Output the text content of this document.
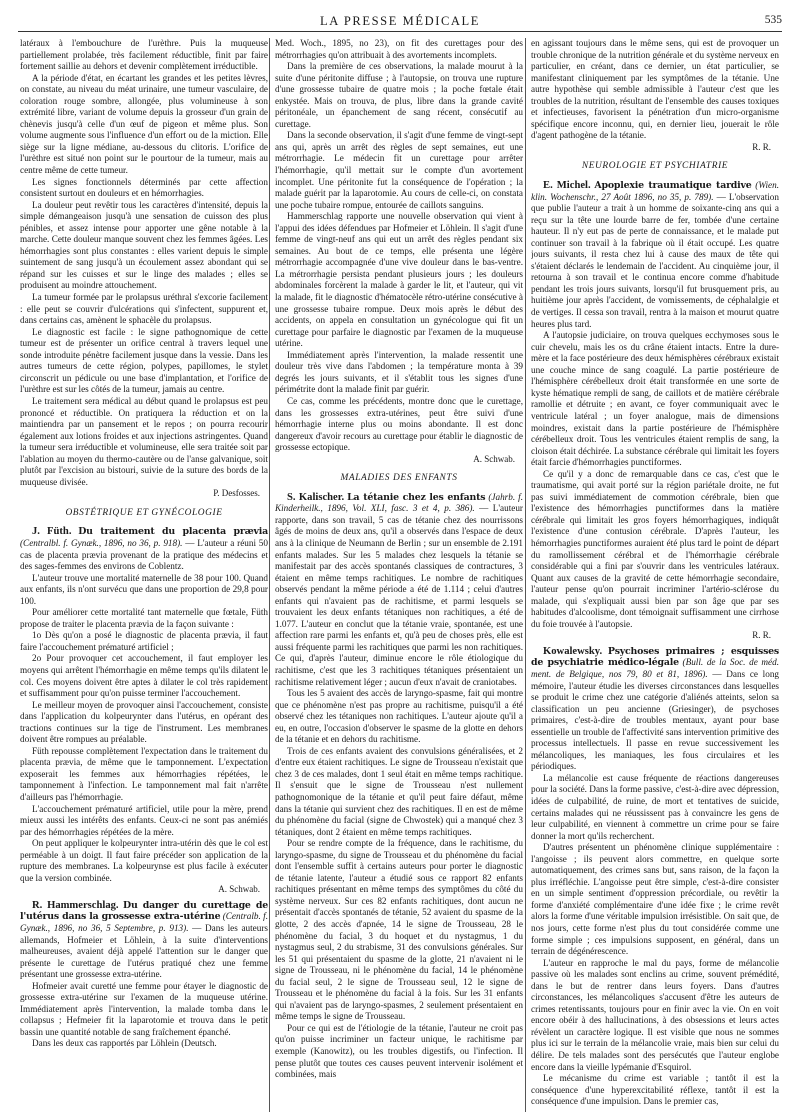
LA PRESSE MÉDICALE	535

latéraux à l'embouchure de l'urèthre. Puis la muqueuse partiellement prolabée, très facilement réductible, finit par faire fortement saillie au dehors et devenir complètement irréductible.

A la période d'état, en écartant les grandes et les petites lèvres, on constate, au niveau du méat urinaire, une tumeur vasculaire, de coloration rouge sombre, allongée, plus volumineuse à son extrémité libre, variant de volume depuis la grosseur d'un grain de chènevis jusqu'à celle d'un œuf de pigeon et même plus. Son volume augmente sous l'influence d'un effort ou de la miction. Elle siège sur la ligne médiane, au-dessous du clitoris. L'orifice de l'urèthre est situé non point sur le pourtour de la tumeur, mais au centre même de cette tumeur.

Les signes fonctionnels déterminés par cette affection consistent surtout en douleurs et en hémorrhagies.

La douleur peut revêtir tous les caractères d'intensité, depuis la simple démangeaison jusqu'à une sensation de cuisson des plus pénibles, et assez intense pour apporter une gêne notable à la marche. Cette douleur manque souvent chez les femmes âgées. Les hémorrhagies sont plus constantes : elles varient depuis le simple suintement de sang jusqu'à un écoulement assez abondant qui se répand sur les cuisses et sur le linge des malades ; elles se produisent au moindre attouchement.

La tumeur formée par le prolapsus uréthral s'excorie facilement : elle peut se couvrir d'ulcérations qui s'infectent, suppurent et, dans certains cas, amènent le sphacèle du prolapsus.

Le diagnostic est facile : le signe pathognomique de cette tumeur est de présenter un orifice central à travers lequel une sonde introduite pénètre facilement jusque dans la vessie. Dans les autres tumeurs de cette région, polypes, papillomes, le stylet circonscrit un pédicule ou une base d'implantation, et l'orifice de l'urèthre est sur les côtés de la tumeur, jamais au centre.

Le traitement sera médical au début quand le prolapsus est peu prononcé et réductible. On pratiquera la réduction et on la maintiendra par un pansement et le repos ; on pourra recourir également aux lotions froides et aux injections astringentes. Quand la tumeur sera irréductible et volumineuse, elle sera traitée soit par l'ablation au moyen du thermo-cautère ou de l'anse galvanique, soit plutôt par l'excision au bistouri, suivie de la suture des bords de la muqueuse divisée.

P. Desfosses.
OBSTÉTRIQUE ET GYNÉCOLOGIE

J. Füth. Du traitement du placenta prævia (Centralbl. f. Gynæk., 1896, no 36, p. 918). — L'auteur a réuni 50 cas de placenta prævia provenant de la pratique des médecins et des sages-femmes des environs de Coblentz.

L'auteur trouve une mortalité maternelle de 38 pour 100. Quand aux enfants, ils n'ont survécu que dans une proportion de 29,8 pour 100.

Pour améliorer cette mortalité tant maternelle que fœtale, Füth propose de traiter le placenta prævia de la façon suivante :

1o Dès qu'on a posé le diagnostic de placenta prævia, il faut faire l'accouchement prématuré artificiel ;

2o Pour provoquer cet accouchement, il faut employer les moyens qui arrêtent l'hémorrhagie en même temps qu'ils dilatent le col. Ces moyens doivent être aptes à dilater le col très rapidement et suffisamment pour qu'on puisse terminer l'accouchement.

Le meilleur moyen de provoquer ainsi l'accouchement, consiste dans l'application du kolpeurynter dans l'utérus, en opérant des tractions continues sur la tige de l'instrument. Les membranes doivent être rompues au préalable.

Füth repousse complètement l'expectation dans le traitement du placenta prævia, de même que le tamponnement. L'expectation exposerait les femmes aux hémorrhagies répétées, le tamponnement à l'infection. Le tamponnement mal fait n'arrête d'ailleurs pas l'hémorrhagie.

L'accouchement prématuré artificiel, utile pour la mère, prend mieux aussi les intérêts des enfants. Ceux-ci ne sont pas anémiés par des hémorrhagies répétées de la mère.

On peut appliquer le kolpeurynter intra-utérin dès que le col est perméable à un doigt. Il faut faire précéder son application de la rupture des membranes. La kolpeurynse est plus facile à exécuter que la version combinée.

A. Schwab.

R. Hammerschlag. Du danger du curettage de l'utérus dans la grossesse extra-utérine (Centralb. f. Gynæk., 1896, no 36, 5 Septembre, p. 913). — Dans les auteurs allemands, Hofmeier et Löhlein, à la suite d'interventions malheureuses, avaient déjà appelé l'attention sur le danger que présente le curettage de l'utérus pratiqué chez une femme présentant une grossesse extra-utérine.

Hofmeier avait curetté une femme pour étayer le diagnostic de grossesse extra-utérine sur l'examen de la muqueuse utérine. Immédiatement après l'intervention, la malade tomba dans le collapsus ; Hefmeier fit la laparotomie et trouva dans le petit bassin une quantité notable de sang fraîchement épanché.

Dans les deux cas rapportés par Löhlein (Deutsch.

Med. Woch., 1895, no 23), on fit des curettages pour des métrorrhagies qu'on attribuait à des avortements incomplets.

Dans la première de ces observations, la malade mourut à la suite d'une péritonite diffuse ; à l'autopsie, on trouva une rupture d'une grossesse tubaire de quatre mois ; la poche fœtale était enkystée. Mais on trouva, de plus, libre dans la grande cavité péritonéale, un épanchement de sang récent, consécutif au curettage.

Dans la seconde observation, il s'agit d'une femme de vingt-sept ans qui, après un arrêt des règles de sept semaines, eut une métrorrhagie. Le médecin fit un curettage pour arrêter l'hémorrhagie, qu'il mettait sur le compte d'un avortement incomplet. Une péritonite fut la conséquence de l'opération ; la malade guérit par la laparotomie. Au cours de celle-ci, on constata une poche tubaire rompue, entourée de caillots sanguins.

Hammerschlag rapporte une nouvelle observation qui vient à l'appui des idées défendues par Hofmeier et Löhlein. Il s'agit d'une femme de vingt-neuf ans qui eut un arrêt des règles pendant six semaines. Au bout de ce temps, elle présenta une légère métrorrhagie accompagnée d'une vive douleur dans le bas-ventre. La métrorrhagie persista pendant plusieurs jours ; les douleurs abdominales forcèrent la malade à garder le lit, et l'auteur, qui vit la malade, fit le diagnostic d'hématocèle rétro-utérine consécutive à une grossesse tubaire rompue. Deux mois après le début des accidents, on appela en consultation un gynécologue qui fit un curettage pour parfaire le diagnostic par l'examen de la muqueuse utérine.

Immédiatement après l'intervention, la malade ressentit une douleur très vive dans l'abdomen ; la température monta à 39 degrés les jours suivants, et il s'établit tous les signes d'une périmétrite dont la malade finit par guérir.

Ce cas, comme les précédents, montre donc que le curettage, dans les grossesses extra-utérines, peut être suivi d'une hémorrhagie interne plus ou moins abondante. Il est donc dangereux d'avoir recours au curettage pour établir le diagnostic de grossesse ectopique.

A. Schwab.
MALADIES DES ENFANTS

S. Kalischer. La tétanie chez les enfants (Jahrb. f. Kinderheilk., 1896, Vol. XLI, fasc. 3 et 4, p. 386). — L'auteur rapporte, dans son travail, 5 cas de tétanie chez des nourrissons âgés de moins de deux ans, qu'il a observés dans l'espace de deux ans à la clinique de Neumann de Berlin ; sur un ensemble de 2.191 enfants malades. Sur les 5 malades chez lesquels la tétanie se manifestait par des accès spontanés classiques de contractures, 3 étaient en même temps rachitiques. Le nombre de rachitiques observés pendant la même période a été de 1.114 ; celui d'autres enfants qui n'avaient pas de rachitisme, et parmi lesquels se trouvaient les deux enfants tétaniques non rachitiques, a été de 1.077. L'auteur en conclut que la tétanie vraie, spontanée, est une affection rare parmi les enfants et, qu'à peu de choses près, elle est aussi fréquente parmi les rachitiques que parmi les non rachitiques. Ce qui, d'après l'auteur, diminue encore le rôle étiologique du rachitisme, c'est que les 3 rachitiques tétaniques présentaient un rachitisme relativement léger ; aucun d'eux n'avait de craniotabes.

Tous les 5 avaient des accès de laryngo-spasme, fait qui montre que ce phénomène n'est pas propre au rachitisme, puisqu'il a été observé chez les tétaniques non rachitiques. L'auteur ajoute qu'il a eu, en outre, l'occasion d'observer le spasme de la glotte en dehors de la tétanie et en dehors du rachitisme.

Trois de ces enfants avaient des convulsions généralisées, et 2 d'entre eux étaient rachitiques. Le signe de Trousseau n'existait que chez 3 de ces malades, dont 1 seul était en même temps rachitique. Il s'ensuit que le signe de Trousseau n'est nullement pathognomonique de la tétanie et qu'il peut faire défaut, même dans la tétanie qui survient chez des rachitiques. Il en est de même du phénomène du facial (signe de Chwostek) qui a manqué chez 3 tétaniques, dont 2 étaient en même temps rachitiques.

Pour se rendre compte de la fréquence, dans le rachitisme, du laryngo-spasme, du signe de Trousseau et du phénomène du facial dont l'ensemble suffit à certains auteurs pour porter le diagnostic de tétanie latente, l'auteur a étudié sous ce rapport 82 enfants rachitiques présentant en même temps des symptômes du côté du système nerveux. Sur ces 82 enfants rachitiques, dont aucun ne présentait d'accès spontanés de tétanie, 52 avaient du spasme de la glotte, 2 des accès d'apnée, 14 le signe de Trousseau, 28 le phénomène du facial, 3 du hoquet et du nystagmus, 1 du nystagmus seul, 2 du strabisme, 31 des convulsions générales. Sur les 51 qui présentaient du spasme de la glotte, 21 n'avaient ni le signe de Trousseau, ni le phénomène du facial, 14 le phénomène du facial seul, 2 le signe de Trousseau seul, 12 le signe de Trousseau et le phénomène du facial à la fois. Sur les 31 enfants qui n'avaient pas de laryngo-spasmes, 2 seulement présentaient en même temps le signe de Trousseau.

Pour ce qui est de l'étiologie de la tétanie, l'auteur ne croit pas qu'on puisse incriminer un facteur unique, le rachitisme par exemple (Kanowitz), ou les troubles digestifs, ou l'infection. Il pense plutôt que toutes ces causes peuvent intervenir isolément et combinées, mais

en agissant toujours dans le même sens, qui est de provoquer un trouble chronique de la nutrition générale et du système nerveux en particulier, en créant, dans ce dernier, un état particulier, se manifestant cliniquement par les symptômes de la tétanie. Une autre hypothèse qui semble admissible à l'auteur c'est que les troubles de la nutrition, résultant de l'ensemble des causes toxiques et infectieuses, favorisent la pénétration d'un micro-organisme spécifique encore inconnu, qui, en dernier lieu, jouerait le rôle d'agent pathogène de la tétanie.

R. R.
NEUROLOGIE ET PSYCHIATRIE

E. Michel. Apoplexie traumatique tardive (Wien. klin. Wochenschr., 27 Août 1896, no 35, p. 789). — L'observation que publie l'auteur a trait à un homme de soixante-cinq ans qui a reçu sur la tête une lourde barre de fer, tombée d'une certaine hauteur. Il n'y eut pas de perte de connaissance, et le malade put continuer son travail à la fabrique où il était occupé. Les quatre jours suivants, il resta chez lui à cause des maux de tête qui s'étaient déclarés le lendemain de l'accident. Au cinquième jour, il retourna à son travail et le continua encore comme d'habitude pendant les trois jours suivants, lorsqu'il fut brusquement pris, au huitième jour après l'accident, de vomissements, de céphalalgie et de vertiges. Il cessa son travail, rentra à la maison et mourut quatre heures plus tard.

A l'autopsie judiciaire, on trouva quelques ecchymoses sous le cuir chevelu, mais les os du crâne étaient intacts. Entre la dure-mère et la face postérieure des deux hémisphères cérébraux existait une couche mince de sang coagulé. La partie postérieure de l'hémisphère cérébelleux droit était transformée en une sorte de kyste hématique rempli de sang, de caillots et de matière cérébrale ramollie et détruite ; en avant, ce foyer communiquait avec le ventricule latéral ; un foyer analogue, mais de dimensions moindres, existait dans la partie postérieure de l'hémisphère cérébelleux droit. Tous les ventricules étaient remplis de sang, la cloison était déchirée. La substance cérébrale qui limitait les foyers était farcie d'hémorrhagies punctiformes.

Ce qu'il y a donc de remarquable dans ce cas, c'est que le traumatisme, qui avait porté sur la région pariétale droite, ne fut pas suivi immédiatement de commotion cérébrale, bien que l'existence des hémorrhagies punctiformes dans la matière cérébrale qui limitait les gros foyers hémorrhagiques, indiquât l'existence d'une contusion cérébrale. D'après l'auteur, les hémorrhagies punctiformes auraient été plus tard le point de départ du ramollissement cérébral et de l'hémorrhagie cérébrale considérable qui a fini par s'ouvrir dans les ventricules latéraux. Quant aux causes de la gravité de cette hémorrhagie secondaire, l'auteur pense qu'on pourrait incriminer l'artério-sclérose du malade, qui s'expliquait aussi bien par son âge que par ses habitudes d'alcoolisme, dont témoignait suffisamment une cirrhose du foie trouvée à l'autopsie.

R. R.

Kowalewsky. Psychoses primaires ; esquisses de psychiatrie médico-légale (Bull. de la Soc. de méd. ment. de Belgique, nos 79, 80 et 81, 1896). — Dans ce long mémoire, l'auteur étudie les diverses circonstances dans lesquelles se produit le crime chez une catégorie d'aliénés atteints, selon sa classification un peu ancienne (Griesinger), de psychoses primaires, c'est-à-dire de troubles mentaux, ayant pour base essentielle un trouble de l'affectivité sans intervention primitive des processus intellectuels. Il passe en revue successivement les mélancoliques, les maniaques, les fous circulaires et les périodiques.

La mélancolie est cause fréquente de réactions dangereuses pour la société. Dans la forme passive, c'est-à-dire avec dépression, idées de culpabilité, de ruine, de mort et tentatives de suicide, certains malades qui ne réussissent pas à convaincre les gens de leur culpabilité, en viennent à commettre un crime pour se faire donner la mort qu'ils recherchent.

D'autres présentent un phénomène clinique supplémentaire : l'angoisse ; ils peuvent alors commettre, en quelque sorte automatiquement, des crimes sans but, sans raison, de la façon la plus irréfléchie. L'angoisse peut être simple, c'est-à-dire consister en un simple sentiment d'oppression précordiale, ou revêtir la forme d'anxiété complémentaire d'une idée fixe ; le crime revêt alors la forme d'une véritable impulsion irrésistible. On sait que, de nos jours, cette forme n'est plus du tout considérée comme une forme simple ; ces impulsions supposent, en général, dans un terrain de dégénérescence.

L'auteur en rapproche le mal du pays, forme de mélancolie passive où les malades sont enclins au crime, souvent prémédité, dans le but de rentrer dans leurs foyers. Dans d'autres circonstances, les mélancoliques s'accusent d'être les auteurs de crimes retentissants, toujours pour en finir avec la vie. On en voit encore obéir à des hallucinations, à des obsessions et leurs actes révèlent un caractère logique. Il est visible que nous ne sommes plus ici sur le terrain de la mélancolie vraie, mais bien sur celui du délire. De tels malades sont des persécutés que l'auteur englobe encore dans la vieille lypémanie d'Esquirol.

Le mécanisme du crime est variable ; tantôt il est la conséquence d'une hyperexcitabilité réflexe, tantôt il est la conséquence d'une impulsion. Dans le premier cas,
